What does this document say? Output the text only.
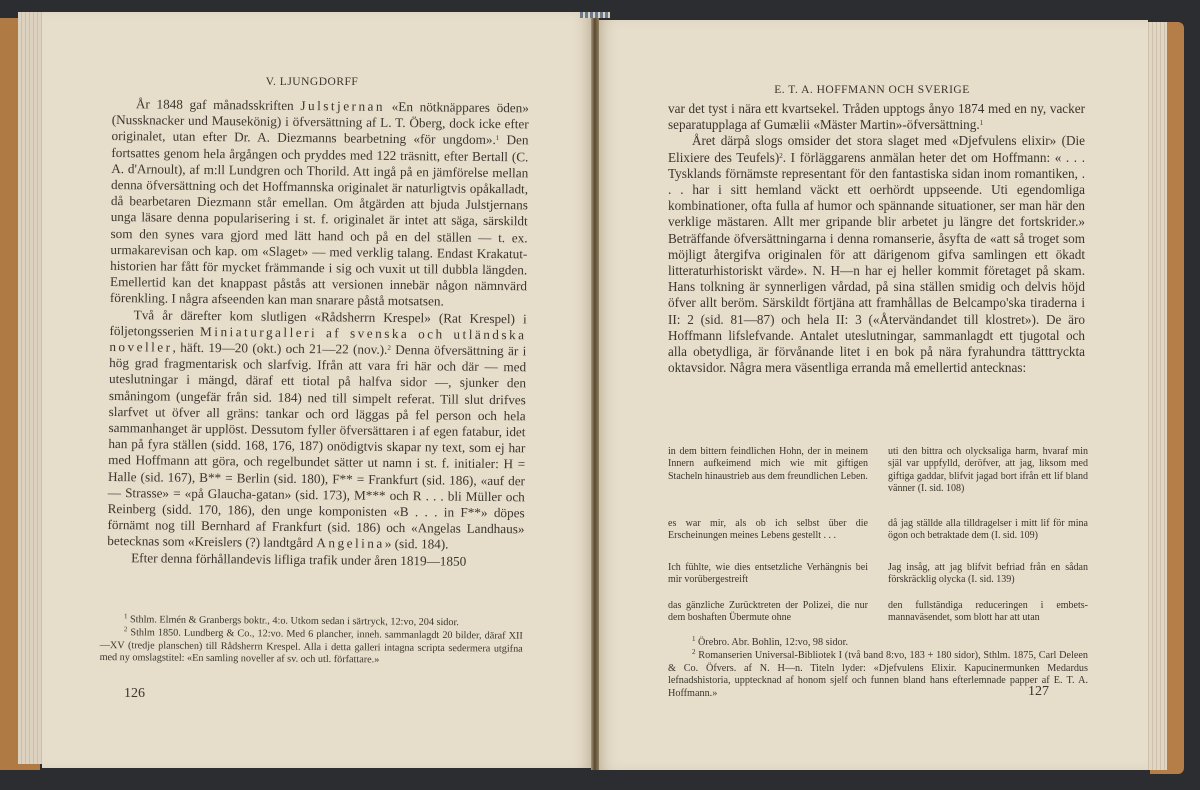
V. LJUNGDORFF

År 1848 gaf månadsskriften Julstjernan «En nötknäppares öden» (Nussknacker und Mausekönig) i öfversättning af L. T. Öberg, dock icke efter originalet, utan efter Dr. A. Diezmanns bearbetning «för ungdom».$^1$ Den fortsattes genom hela årgången och pryddes med 122 träsnitt, efter Bertall (C. A. d'Arnoult), af m:ll Lundgren och Thorild. Att ingå på en jämförelse mellan denna öfversättning och det Hoffmannska originalet är naturligtvis opåkalladt, då bearbetaren Diezmann står emellan. Om åtgärden att bjuda Julstjernans unga läsare denna popularisering i st. f. originalet är intet att säga, särskildt som den synes vara gjord med lätt hand och på en del ställen — t. ex. urmakarevisan och kap. om «Slaget» — med verklig talang. Endast Krakatut-historien har fått för mycket främmande i sig och vuxit ut till dubbla längden. Emellertid kan det knappast påstås att versionen innebär någon nämnvärd förenkling. I några afseenden kan man snarare påstå motsatsen.

Två år därefter kom slutligen «Rådsherrn Krespel» (Rat Krespel) i följetongsserien Miniaturgalleri af svenska och utländska noveller, häft. 19—20 (okt.) och 21—22 (nov.).$^2$ Denna öfversättning är i hög grad fragmentarisk och slarfvig. Ifrån att vara fri här och där — med uteslutningar i mängd, däraf ett tiotal på halfva sidor —, sjunker den småningom (ungefär från sid. 184) ned till simpelt referat. Till slut drifves slarfvet ut öfver all gräns: tankar och ord läggas på fel person och hela sammanhanget är upplöst. Dessutom fyller öfversättaren i af egen fatabur, idet han på fyra ställen (sidd. 168, 176, 187) onödigtvis skapar ny text, som ej har med Hoffmann att göra, och regelbundet sätter ut namn i st. f. initialer: H = Halle (sid. 167), B** = Berlin (sid. 180), F** = Frankfurt (sid. 186), «auf der — Strasse» = «på Glaucha-gatan» (sid. 173), M*** och R . . . bli Müller och Reinberg (sidd. 170, 186), den unge komponisten «B . . . in F**» döpes förnämt nog till Bernhard af Frankfurt (sid. 186) och «Angelas Landhaus» betecknas som «Kreislers (?) landtgård Angelina» (sid. 184).

Efter denna förhållandevis lifliga trafik under åren 1819—1850

$^1$ Sthlm. Elmén & Granbergs boktr., 4:o. Utkom sedan i särtryck, 12:vo, 204 sidor.

$^2$ Sthlm 1850. Lundberg & Co., 12:vo. Med 6 plancher, inneh. sammanlagdt 20 bilder, däraf XII—XV (tredje planschen) till Rådsherrn Krespel. Alla i detta galleri intagna scripta sedermera utgifna med ny omslagstitel: «En samling noveller af sv. och utl. författare.»

126
E. T. A. HOFFMANN OCH SVERIGE

var det tyst i nära ett kvartsekel. Tråden upptogs ånyo 1874 med en ny, vacker separatupplaga af Gumælii «Mäster Martin»-öfversättning.$^1$

Året därpå slogs omsider det stora slaget med «Djefvulens elixir» (Die Elixiere des Teufels)$^2$. I förläggarens anmälan heter det om Hoffmann: « . . . Tysklands förnämste representant för den fantastiska sidan inom romantiken, . . . har i sitt hemland väckt ett oerhördt uppseende. Uti egendomliga kombinationer, ofta fulla af humor och spännande situationer, ser man här den verklige mästaren. Allt mer gripande blir arbetet ju längre det fortskrider.» Beträffande öfversättningarna i denna romanserie, åsyfta de «att så troget som möjligt återgifva originalen för att därigenom gifva samlingen ett ökadt litteraturhistoriskt värde». N. H—n har ej heller kommit företaget på skam. Hans tolkning är synnerligen vårdad, på sina ställen smidig och delvis höjd öfver allt beröm. Särskildt förtjäna att framhållas de Belcampo'ska tiraderna i II: 2 (sid. 81—87) och hela II: 3 («Återvändandet till klostret»). De äro Hoffmann lifslefvande. Antalet uteslutningar, sammanlagdt ett tjugotal och alla obetydliga, är förvånande litet i en bok på nära fyrahundra tätttryckta oktavsidor. Några mera väsentliga erranda må emellertid antecknas:

in dem bittern feindlichen Hohn, der in meinem Innern aufkeimend mich wie mit giftigen Stacheln hinaustrieb aus dem freundlichen Leben.
uti den bittra och olycksaliga harm, hvaraf min själ var uppfylld, deröfver, att jag, liksom med giftiga gaddar, blifvit jagad bort ifrån ett lif bland vänner (I. sid. 108)
es war mir, als ob ich selbst über die Erscheinungen meines Lebens gestellt . . .
då jag ställde alla tilldragelser i mitt lif för mina ögon och betraktade dem (I. sid. 109)
Ich fühlte, wie dies entsetzliche Verhängnis bei mir vorübergestreift
Jag insåg, att jag blifvit befriad från en sådan förskräcklig olycka (I. sid. 139)
das gänzliche Zurücktreten der Polizei, die nur dem boshaften Übermute ohne
den fullständiga reduceringen i embetsmannaväsendet, som blott har att utan

$^1$ Örebro. Abr. Bohlin, 12:vo, 98 sidor.

$^2$ Romanserien Universal-Bibliotek I (två band 8:vo, 183 + 180 sidor), Sthlm. 1875, Carl Deleen & Co. Öfvers. af N. H—n. Titeln lyder: «Djefvulens Elixir. Kapucinermunken Medardus lefnadshistoria, upptecknad af honom sjelf och funnen bland hans efterlemnade papper af E. T. A. Hoffmann.»	127
